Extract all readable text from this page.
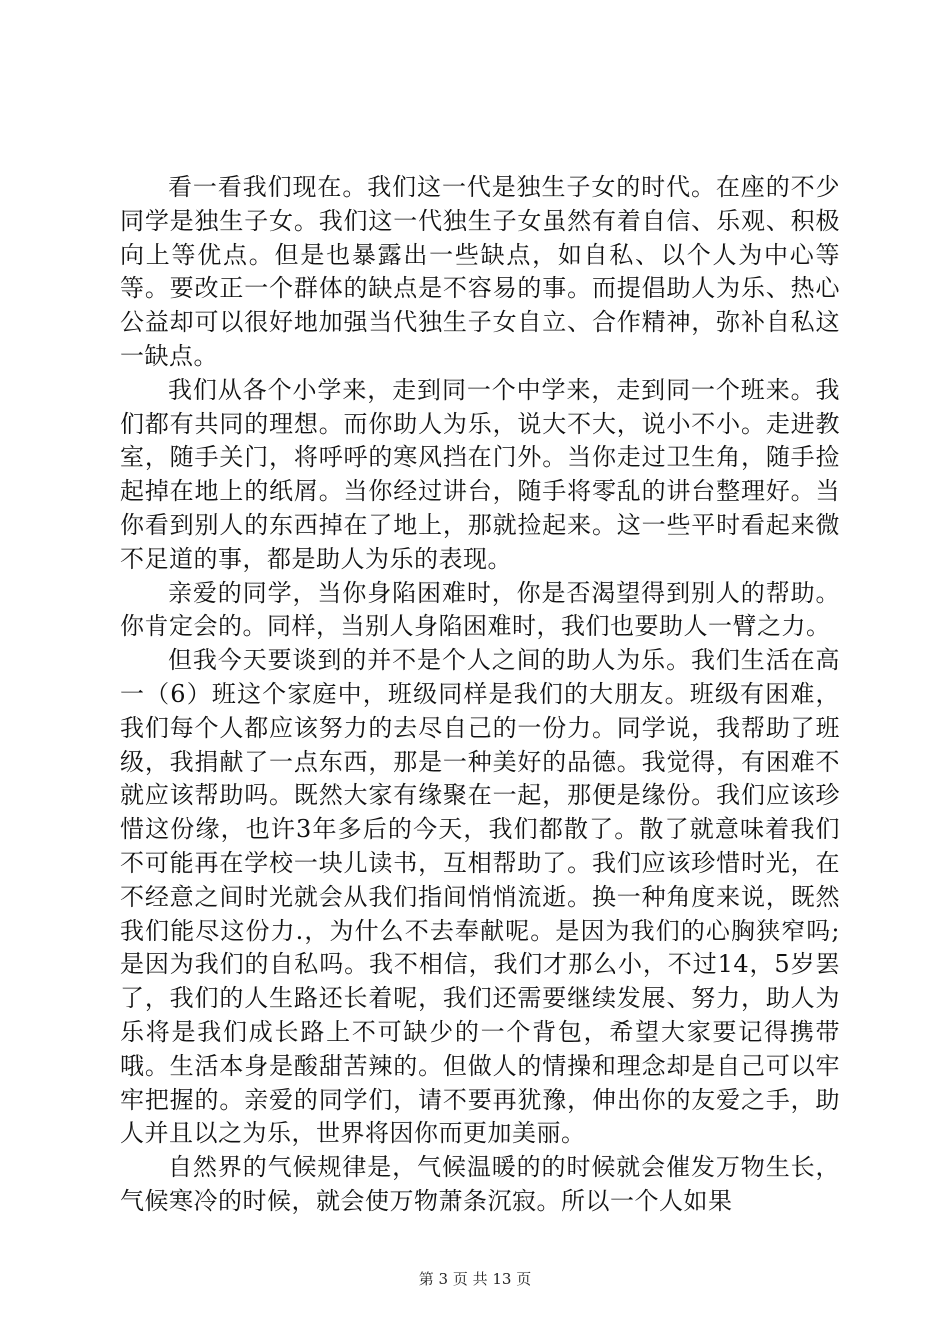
看一看我们现在。我们这一代是独生子女的时代。在座的不少同学是独生子女。我们这一代独生子女虽然有着自信、乐观、积极向上等优点。但是也暴露出一些缺点，如自私、以个人为中心等等。要改正一个群体的缺点是不容易的事。而提倡助人为乐、热心公益却可以很好地加强当代独生子女自立、合作精神，弥补自私这一缺点。

我们从各个小学来，走到同一个中学来，走到同一个班来。我们都有共同的理想。而你助人为乐，说大不大，说小不小。走进教室，随手关门，将呼呼的寒风挡在门外。当你走过卫生角，随手捡起掉在地上的纸屑。当你经过讲台，随手将零乱的讲台整理好。当你看到别人的东西掉在了地上，那就捡起来。这一些平时看起来微不足道的事，都是助人为乐的表现。

亲爱的同学，当你身陷困难时，你是否渴望得到别人的帮助。你肯定会的。同样，当别人身陷困难时，我们也要助人一臂之力。

但我今天要谈到的并不是个人之间的助人为乐。我们生活在高一（6）班这个家庭中，班级同样是我们的大朋友。班级有困难，我们每个人都应该努力的去尽自己的一份力。同学说，我帮助了班级，我捐献了一点东西，那是一种美好的品德。我觉得，有困难不就应该帮助吗。既然大家有缘聚在一起，那便是缘份。我们应该珍惜这份缘，也许3年多后的今天，我们都散了。散了就意味着我们不可能再在学校一块儿读书，互相帮助了。我们应该珍惜时光，在不经意之间时光就会从我们指间悄悄流逝。换一种角度来说，既然我们能尽这份力.，为什么不去奉献呢。是因为我们的心胸狭窄吗;是因为我们的自私吗。我不相信，我们才那么小，不过14，5岁罢了，我们的人生路还长着呢，我们还需要继续发展、努力，助人为乐将是我们成长路上不可缺少的一个背包，希望大家要记得携带哦。生活本身是酸甜苦辣的。但做人的情操和理念却是自己可以牢牢把握的。亲爱的同学们，请不要再犹豫，伸出你的友爱之手，助人并且以之为乐，世界将因你而更加美丽。

自然界的气候规律是，气候温暖的的时候就会催发万物生长，气候寒冷的时候，就会使万物萧条沉寂。所以一个人如果

第 3 页 共 13 页
